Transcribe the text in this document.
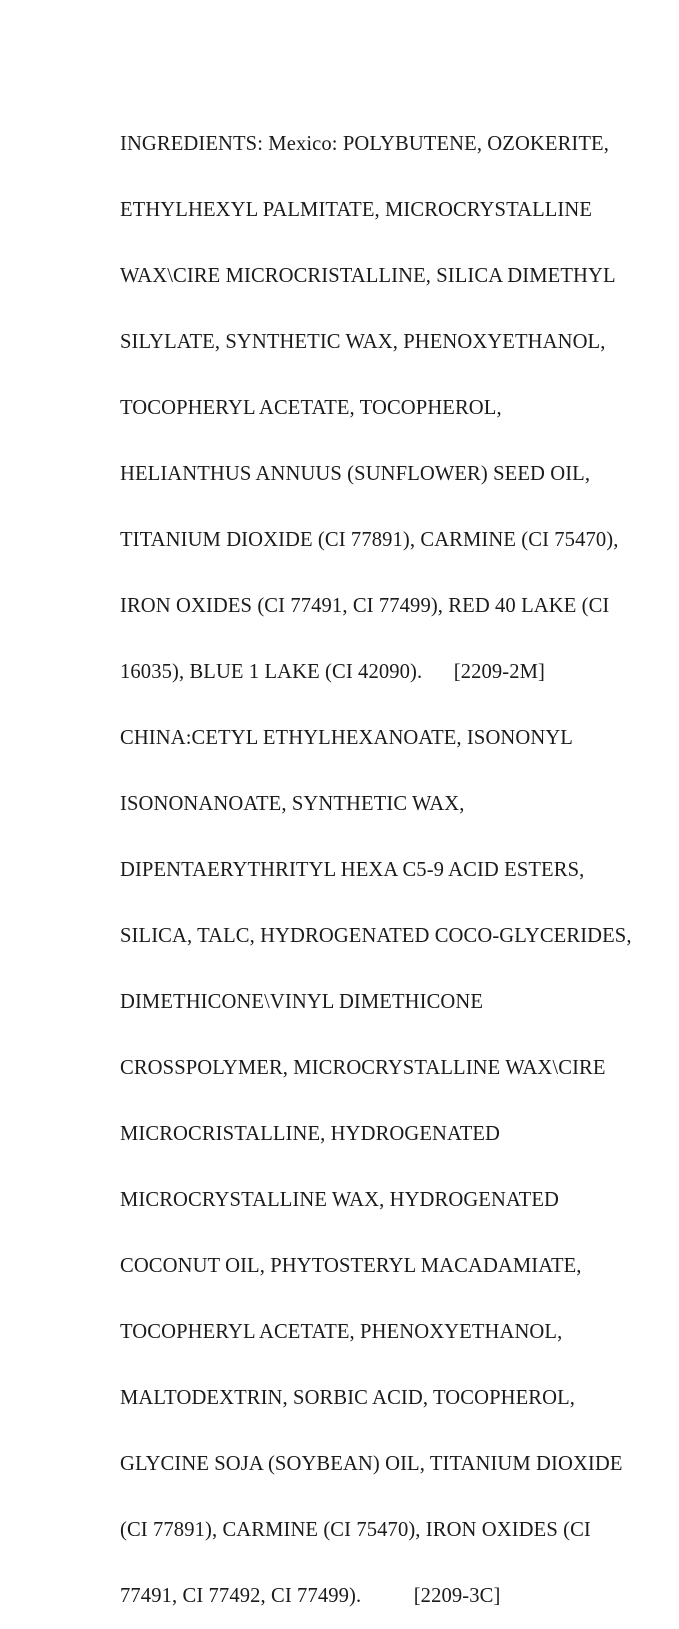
INGREDIENTS: Mexico: POLYBUTENE, OZOKERITE,

ETHYLHEXYL PALMITATE, MICROCRYSTALLINE

WAX\CIRE MICROCRISTALLINE, SILICA DIMETHYL

SILYLATE, SYNTHETIC WAX, PHENOXYETHANOL,

TOCOPHERYL ACETATE, TOCOPHEROL,

HELIANTHUS ANNUUS (SUNFLOWER) SEED OIL,

TITANIUM DIOXIDE (CI 77891), CARMINE (CI 75470),

IRON OXIDES (CI 77491, CI 77499), RED 40 LAKE (CI

16035), BLUE 1 LAKE (CI 42090).      [2209-2M]

CHINA:CETYL ETHYLHEXANOATE, ISONONYL

ISONONANOATE, SYNTHETIC WAX,

DIPENTAERYTHRITYL HEXA C5-9 ACID ESTERS,

SILICA, TALC, HYDROGENATED COCO-GLYCERIDES,

DIMETHICONE\VINYL DIMETHICONE

CROSSPOLYMER, MICROCRYSTALLINE WAX\CIRE

MICROCRISTALLINE, HYDROGENATED

MICROCRYSTALLINE WAX, HYDROGENATED

COCONUT OIL, PHYTOSTERYL MACADAMIATE,

TOCOPHERYL ACETATE, PHENOXYETHANOL,

MALTODEXTRIN, SORBIC ACID, TOCOPHEROL,

GLYCINE SOJA (SOYBEAN) OIL, TITANIUM DIOXIDE

(CI 77891), CARMINE (CI 75470), IRON OXIDES (CI

77491, CI 77492, CI 77499).          [2209-3C]
